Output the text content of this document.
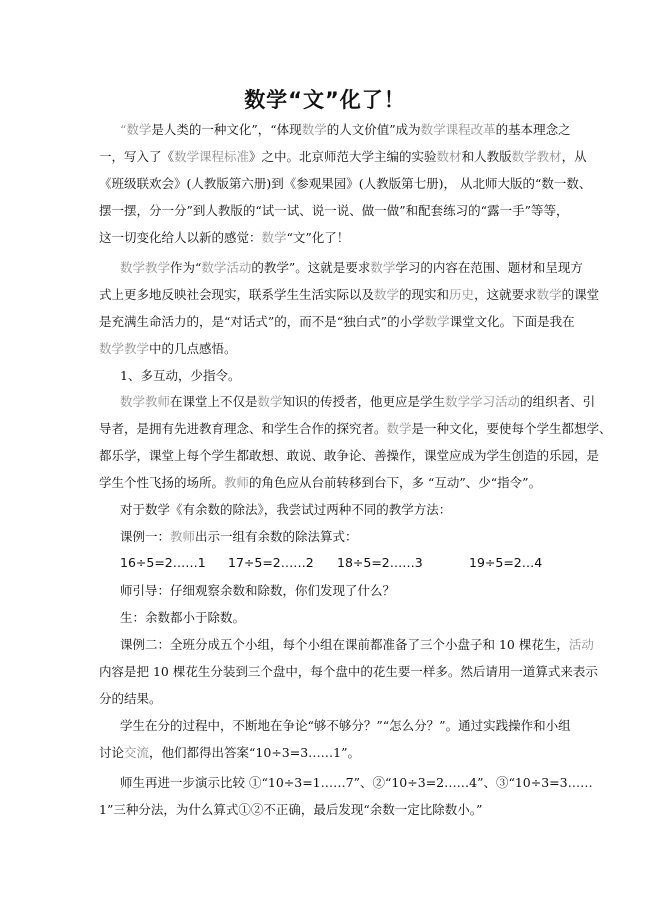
数学“文”化了！
“数学是人类的一种文化”，“体现数学的人文价值”成为数学课程改革的基本理念之
一，写入了《数学课程标准》之中。北京师范大学主编的实验数材和人教版数学教材，从
《班级联欢会》(人教版第六册)到《参观果园》(人教版第七册)， 从北师大版的“数一数、
摆一摆，分一分”到人教版的“试一试、说一说、做一做”和配套练习的“露一手”等等，
这一切变化给人以新的感觉：数学“文”化了！
数学教学作为“数学活动的教学”。这就是要求数学学习的内容在范围、题材和呈现方
式上更多地反映社会现实，联系学生生活实际以及数学的现实和历史，这就要求数学的课堂
是充满生命活力的，是“对话式”的，而不是“独白式”的小学数学课堂文化。下面是我在
数学教学中的几点感悟。
1、多互动，少指令。
数学教师在课堂上不仅是数学知识的传授者，他更应是学生数学学习活动的组织者、引
导者，是拥有先进教育理念、和学生合作的探究者。数学是一种文化，要使每个学生都想学、
都乐学，课堂上每个学生都敢想、敢说、敢争论、善操作，课堂应成为学生创造的乐园，是
学生个性飞扬的场所。教师的角色应从台前转移到台下，多 “互动”、少“指令”。
对于数学《有余数的除法》，我尝试过两种不同的教学方法：
课例一：教师出示一组有余数的除法算式：
16÷5=2……1 17÷5=2……2 18÷5=2……3	19÷5=2…4
师引导：仔细观察余数和除数，你们发现了什么？
生：余数都小于除数。
课例二：全班分成五个小组，每个小组在课前都准备了三个小盘子和 10 棵花生，活动
内容是把 10 棵花生分装到三个盘中，每个盘中的花生要一样多。然后请用一道算式来表示
分的结果。
学生在分的过程中，不断地在争论“够不够分？”“怎么分？”。通过实践操作和小组
讨论交流，他们都得出答案“10÷3=3……1”。
师生再进一步演示比较 ①“10÷3=1……7”、②“10÷3=2……4”、③“10÷3=3……
1”三种分法，为什么算式①②不正确，最后发现“余数一定比除数小。”
